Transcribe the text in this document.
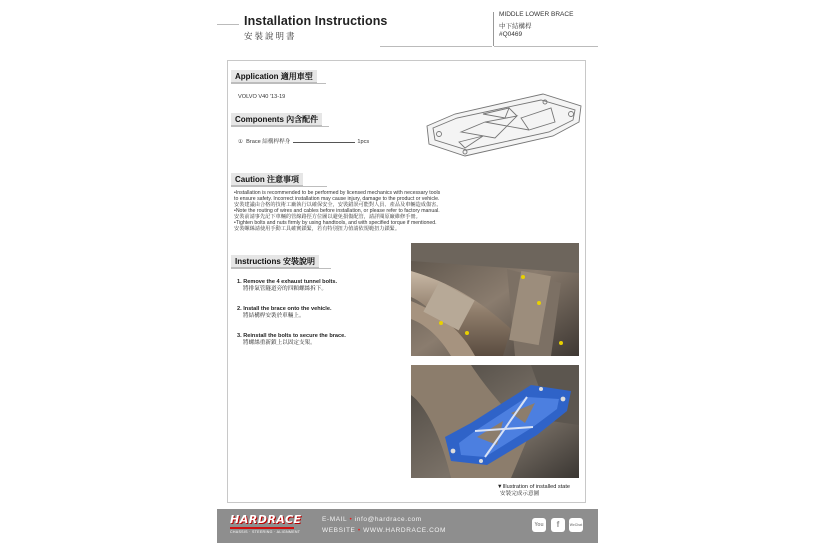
Installation Instructions
安裝說明書
MIDDLE LOWER BRACE
中下結構桿
#Q0469
Application 適用車型
VOLVO V40 '13-19
Components 內含配件
① Brace 結構桿桿身	1pcs
Caution 注意事項
•Installation is recommended to be performed by licensed mechanics with necessary tools
to ensure safety. Incorrect installation may cause injury, damage to the product or vehicle.
安裝建議由合格的技術工廠執行以確保安全，安裝錯誤可能對人員、產品及車輛造成傷害。
•Note the routing of wires and cables before installation, or please refer to factory manual.
安裝前請事先記下車輛的管線路徑方位圖以避免損傷配管，請詳閱原廠維修手冊。
•Tighten bolts and nuts firmly by using handtools, and with specified torque if mentioned.
安裝螺絲請使用手動工具確實鎖緊，若有特別扭力值請依規範扭力鎖緊。
Instructions 安裝說明
1. Remove the 4 exhaust tunnel bolts.
將排氣管隧道旁的四顆螺絲拆下。
2. Install the brace onto the vehicle.
將結構桿安裝於車輛上。
3. Reinstall the bolts to secure the brace.
將螺絲重新鎖上以固定支架。
▼Illustration of installed state
安裝完成示意圖
HARDRACE
CHASSIS · STEERING · ALIGNMENT
E-MAIL • info@hardrace.com
WEBSITE • WWW.HARDRACE.COM
You	f	WeChat
